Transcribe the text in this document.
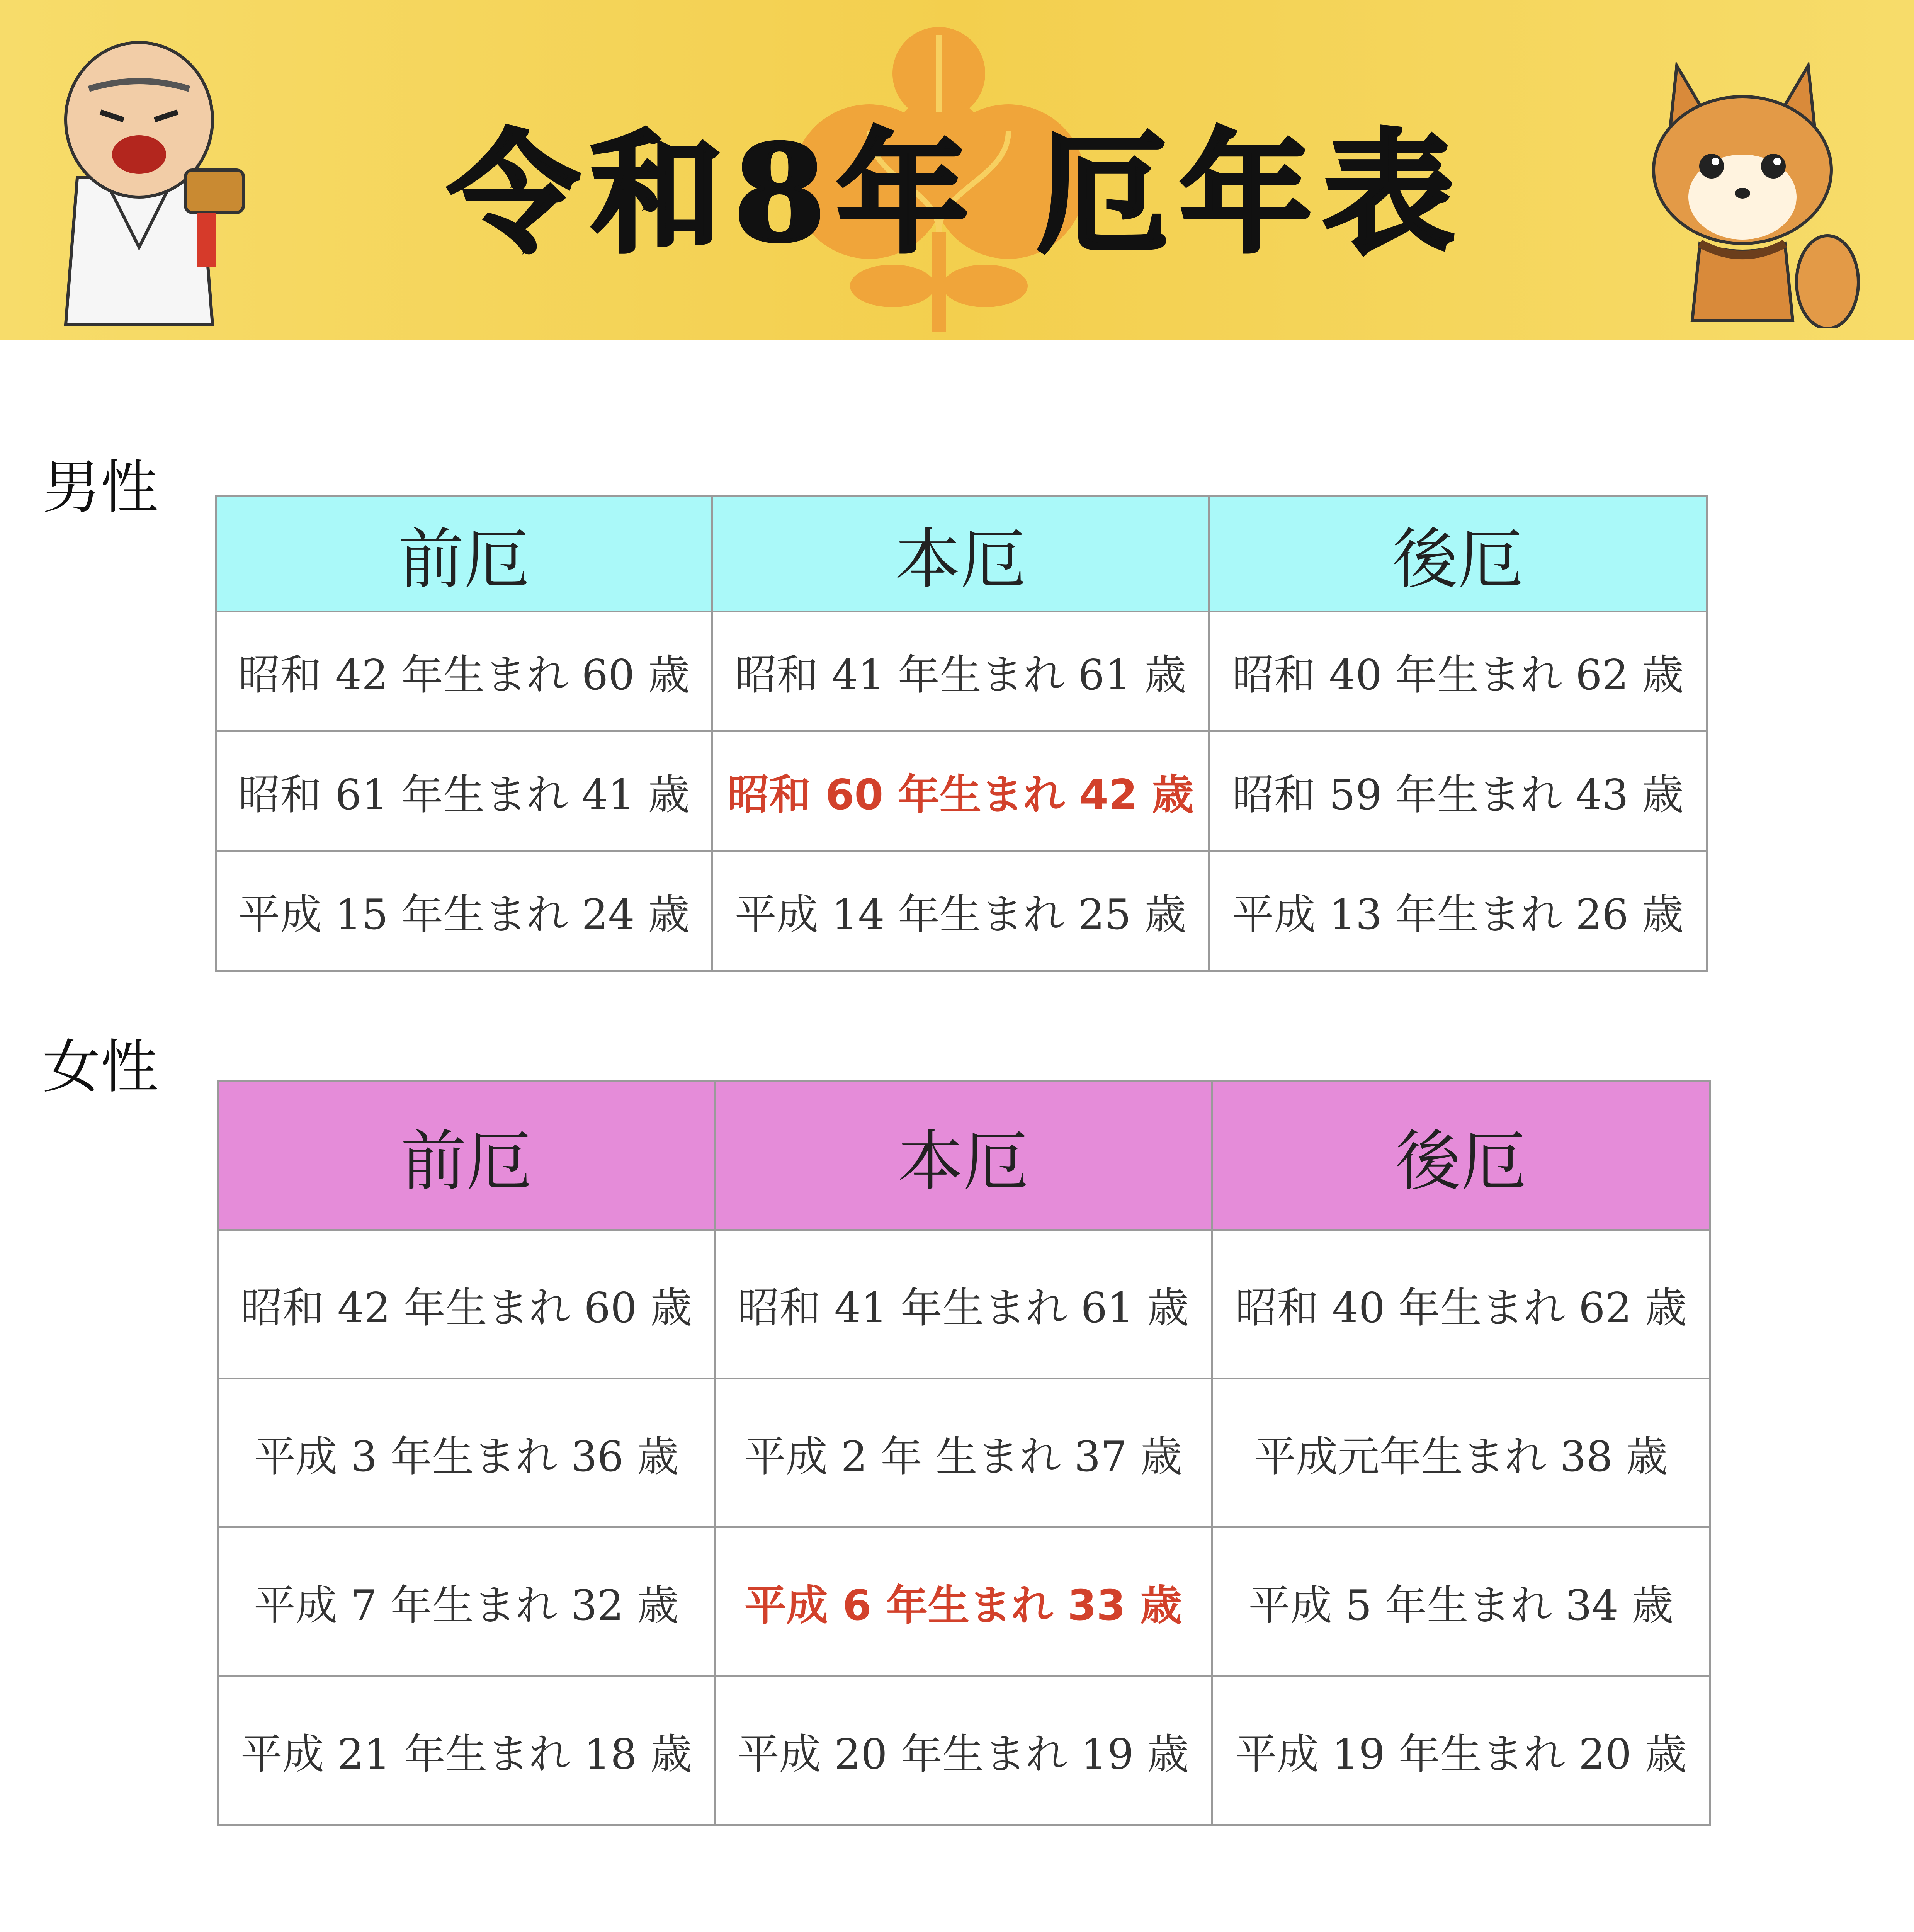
令和8年 厄年表
男性
前厄	本厄	後厄
昭和 42 年生まれ 60 歳	昭和 41 年生まれ 61 歳	昭和 40 年生まれ 62 歳
昭和 61 年生まれ 41 歳	昭和 60 年生まれ 42 歳	昭和 59 年生まれ 43 歳
平成 15 年生まれ 24 歳	平成 14 年生まれ 25 歳	平成 13 年生まれ 26 歳
女性
前厄	本厄	後厄
昭和 42 年生まれ 60 歳	昭和 41 年生まれ 61 歳	昭和 40 年生まれ 62 歳
平成 3 年生まれ 36 歳	平成 2 年 生まれ 37 歳	平成元年生まれ 38 歳
平成 7 年生まれ 32 歳	平成 6 年生まれ 33 歳	平成 5 年生まれ 34 歳
平成 21 年生まれ 18 歳	平成 20 年生まれ 19 歳	平成 19 年生まれ 20 歳
